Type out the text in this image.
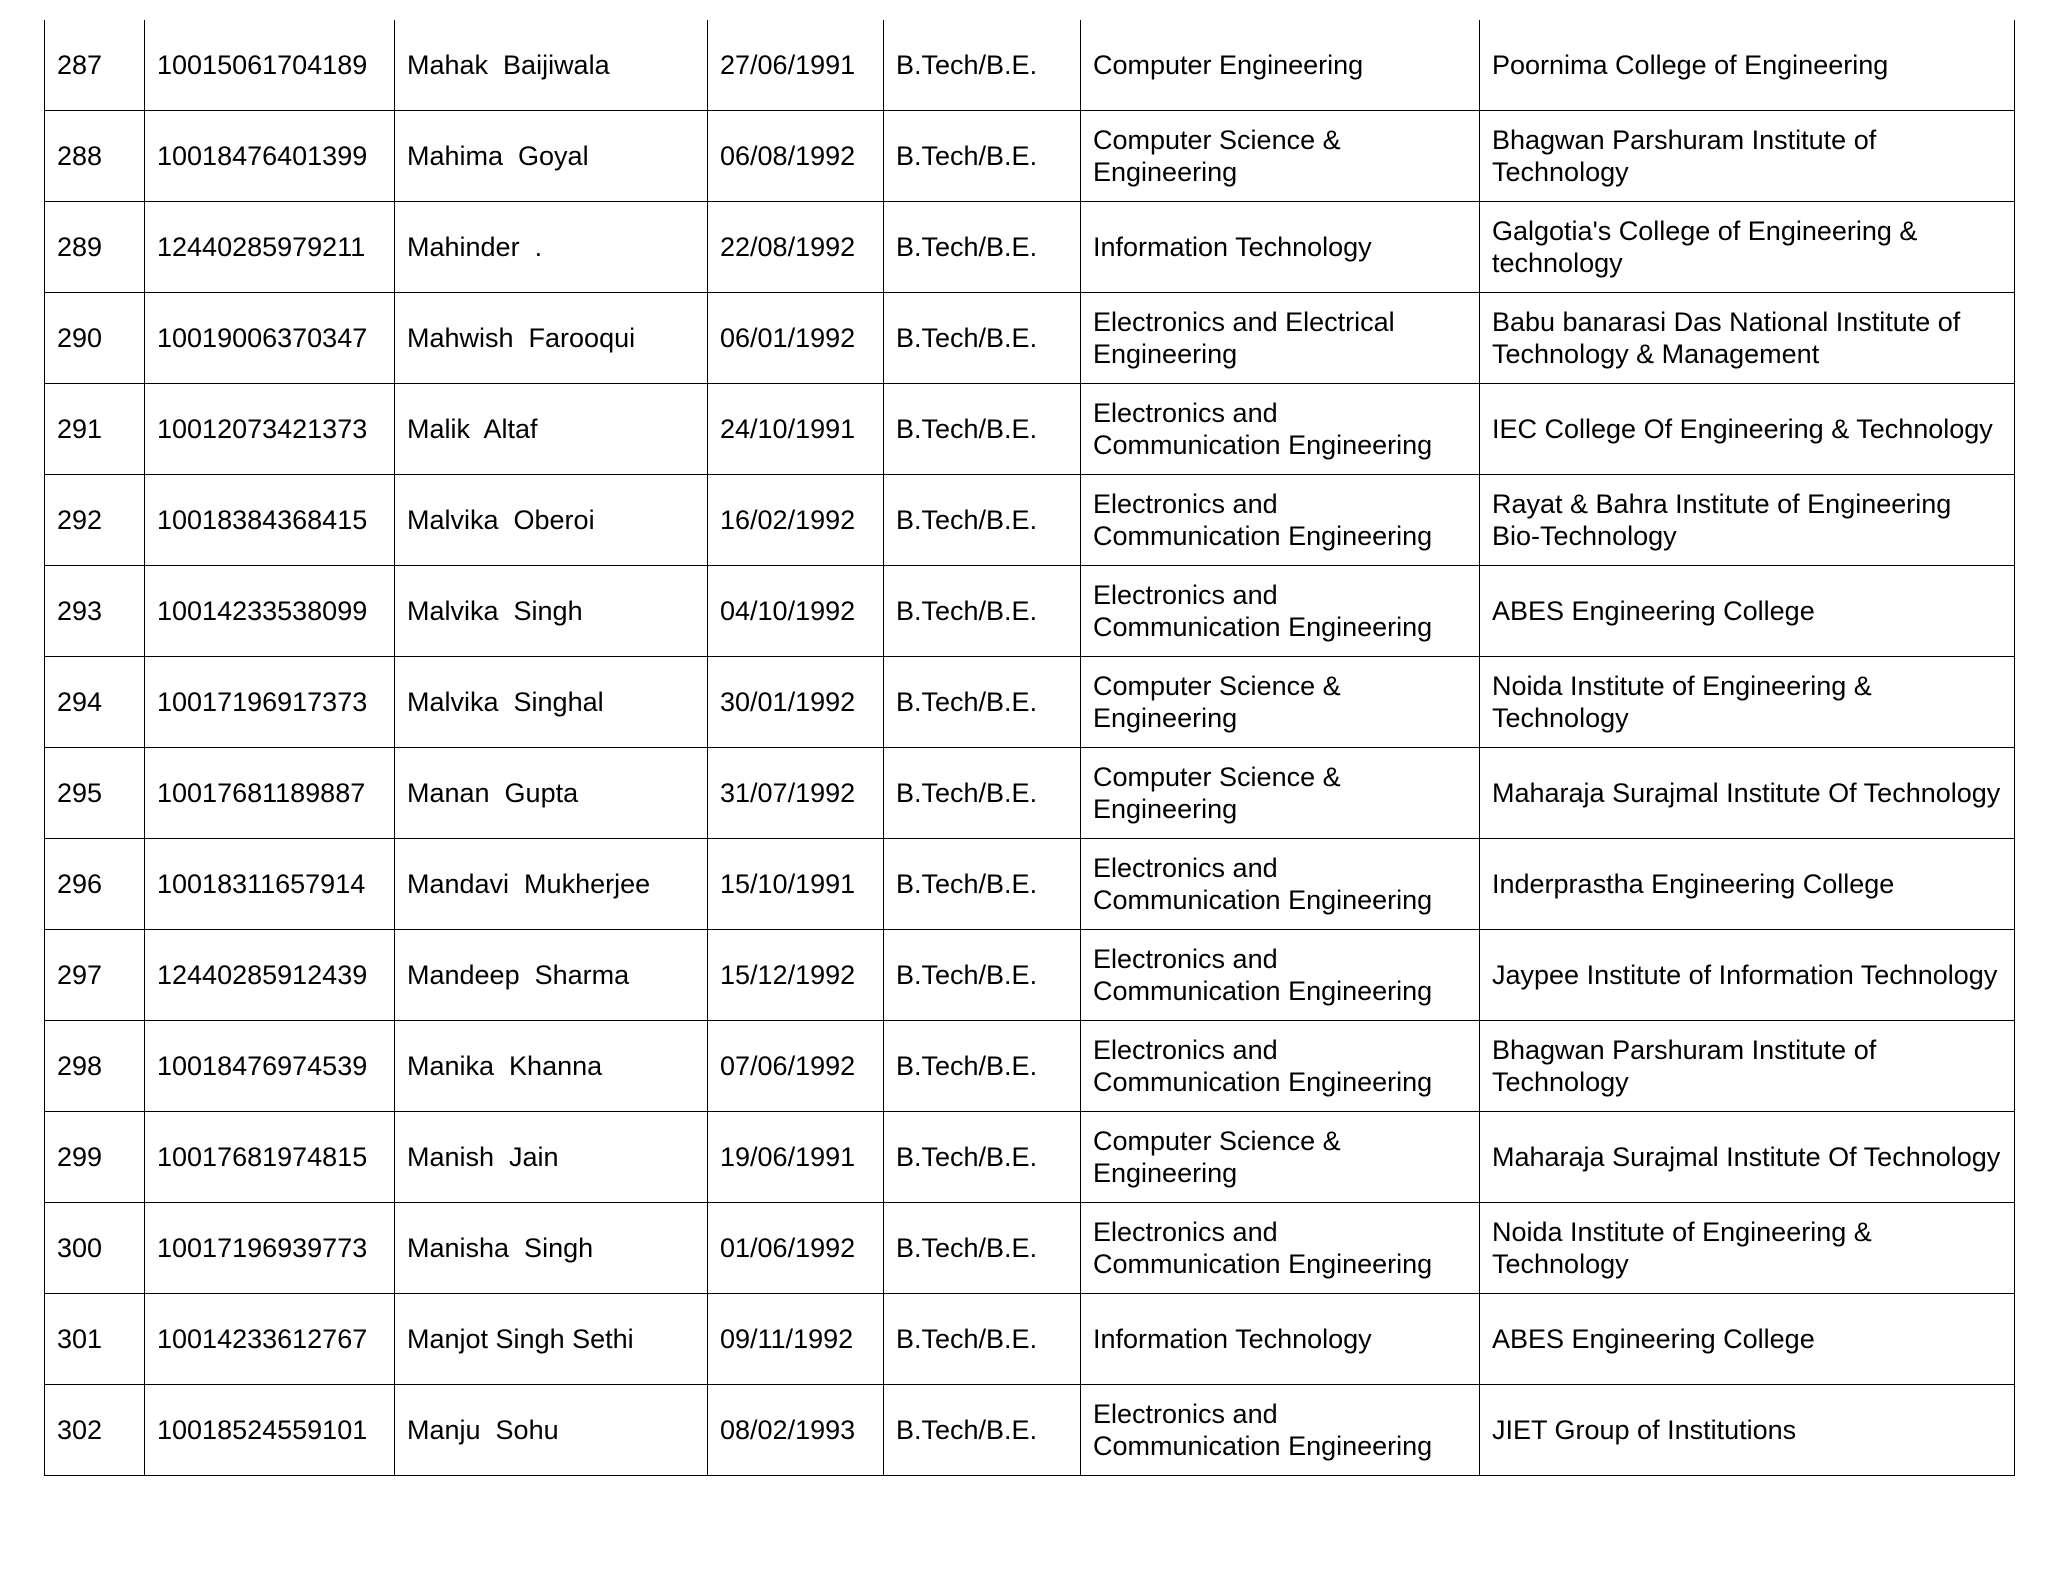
287	10015061704189	Mahak  Baijiwala	27/06/1991	B.Tech/B.E.	Computer Engineering	Poornima College of Engineering
288	10018476401399	Mahima  Goyal	06/08/1992	B.Tech/B.E.	Computer Science & Engineering	Bhagwan Parshuram Institute of Technology
289	12440285979211	Mahinder  .	22/08/1992	B.Tech/B.E.	Information Technology	Galgotia's College of Engineering & technology
290	10019006370347	Mahwish  Farooqui	06/01/1992	B.Tech/B.E.	Electronics and Electrical Engineering	Babu banarasi Das National Institute of Technology & Management
291	10012073421373	Malik  Altaf	24/10/1991	B.Tech/B.E.	Electronics and Communication Engineering	IEC College Of Engineering & Technology
292	10018384368415	Malvika  Oberoi	16/02/1992	B.Tech/B.E.	Electronics and Communication Engineering	Rayat & Bahra Institute of Engineering Bio-Technology
293	10014233538099	Malvika  Singh	04/10/1992	B.Tech/B.E.	Electronics and Communication Engineering	ABES Engineering College
294	10017196917373	Malvika  Singhal	30/01/1992	B.Tech/B.E.	Computer Science & Engineering	Noida Institute of Engineering & Technology
295	10017681189887	Manan  Gupta	31/07/1992	B.Tech/B.E.	Computer Science & Engineering	Maharaja Surajmal Institute Of Technology
296	10018311657914	Mandavi  Mukherjee	15/10/1991	B.Tech/B.E.	Electronics and Communication Engineering	Inderprastha Engineering College
297	12440285912439	Mandeep  Sharma	15/12/1992	B.Tech/B.E.	Electronics and Communication Engineering	Jaypee Institute of Information Technology
298	10018476974539	Manika  Khanna	07/06/1992	B.Tech/B.E.	Electronics and Communication Engineering	Bhagwan Parshuram Institute of Technology
299	10017681974815	Manish  Jain	19/06/1991	B.Tech/B.E.	Computer Science & Engineering	Maharaja Surajmal Institute Of Technology
300	10017196939773	Manisha  Singh	01/06/1992	B.Tech/B.E.	Electronics and Communication Engineering	Noida Institute of Engineering & Technology
301	10014233612767	Manjot Singh Sethi	09/11/1992	B.Tech/B.E.	Information Technology	ABES Engineering College
302	10018524559101	Manju  Sohu	08/02/1993	B.Tech/B.E.	Electronics and Communication Engineering	JIET Group of Institutions
